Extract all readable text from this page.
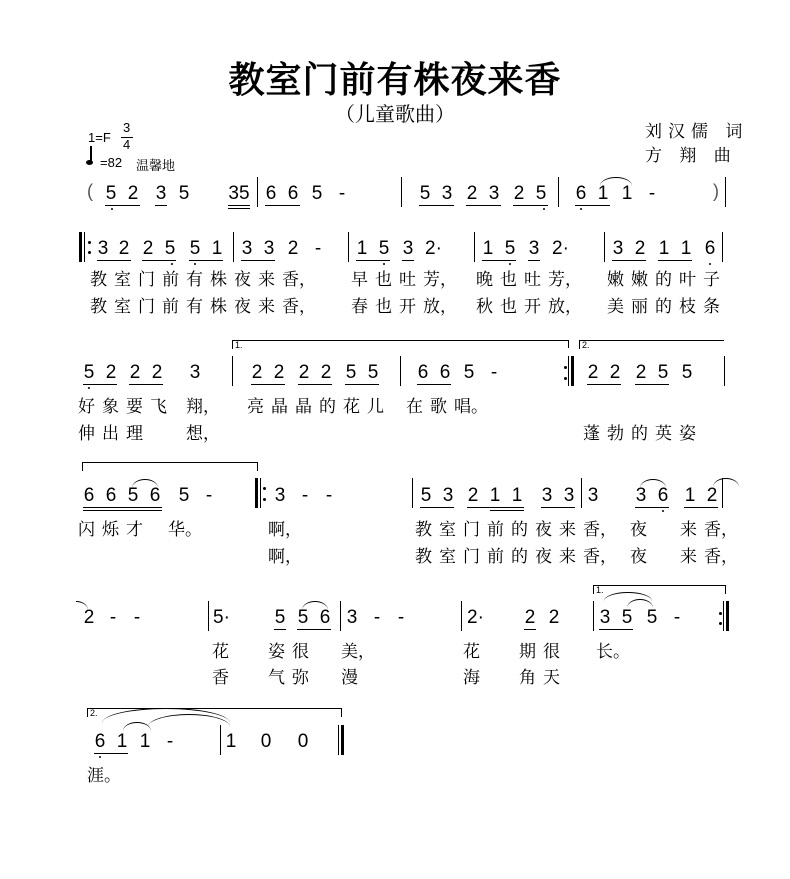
教室门前有株夜来香
（儿童歌曲）
刘汉儒 词
方 翔 曲
1=F
3
4
=82 温馨地
( 5 2 3 5 35 6 6 5 -	5 3 2 3 2 5 6 1 1 -	)
3 2 2 5 5 1 3 3 2 - 1 5 3 2· 1 5 3 2· 3 2 1 1 6
教 室 门 前 有 株 夜 来 香， 早 也 吐 芳， 晚 也 吐 芳， 嫩 嫩 的 叶 子
教 室 门 前 有 株 夜 来 香， 春 也 开 放， 秋 也 开 放， 美 丽 的 枝 条
5 2 2 2 3
1.
2 2 2 2 5 5 6 6 5 -
2.
2 2 2 5 5
好 象 要 飞 翔， 亮 晶 晶 的 花 儿 在 歌 唱。
伸 出 理	想，	蓬 勃 的 英 姿
6 6 5 6 5 -	3 - -	5 3 2 1 1 3 3 3 3 6 1 2
闪 烁 才 华。	啊，	教 室 门 前 的 夜 来 香， 夜 来 香，
啊，	教 室 门 前 的 夜 来 香， 夜 来 香，
2 - -	5· 5 5 6 3 - -	2· 2 2
1.
3 5 5 -
花 姿 很 美，	花 期 很 长。
香 气 弥 漫	海 角 天
2.
6 1 1 -	1 0 0
涯。
